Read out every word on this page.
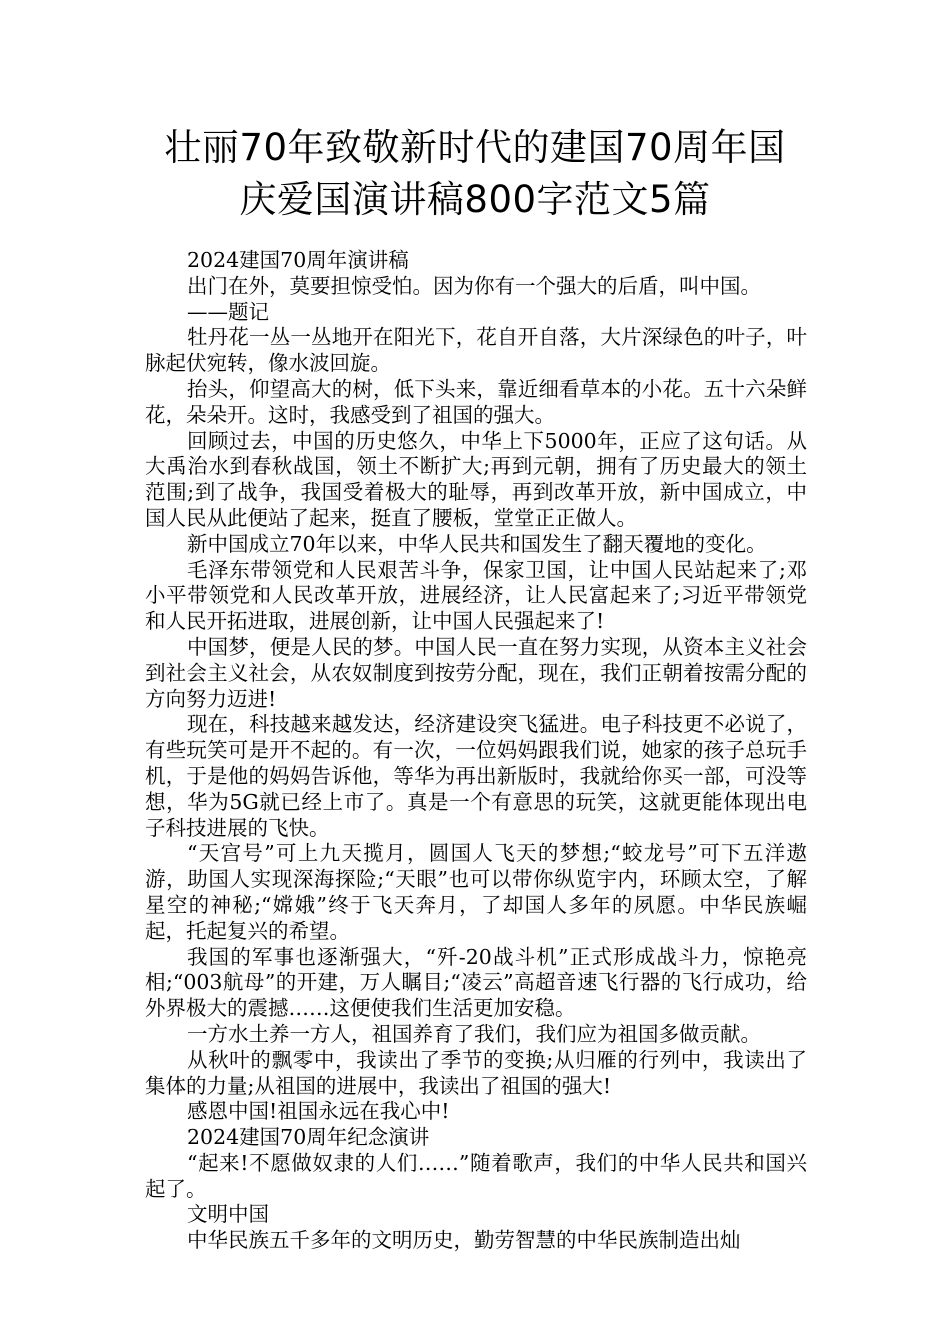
壮丽70年致敬新时代的建国70周年国
庆爱国演讲稿800字范文5篇

2024建国70周年演讲稿

出门在外，莫要担惊受怕。因为你有一个强大的后盾，叫中国。

——题记

牡丹花一丛一丛地开在阳光下，花自开自落，大片深绿色的叶子，叶脉起伏宛转，像水波回旋。

抬头，仰望高大的树，低下头来，靠近细看草本的小花。五十六朵鲜花，朵朵开。这时，我感受到了祖国的强大。

回顾过去，中国的历史悠久，中华上下5000年，正应了这句话。从大禹治水到春秋战国，领土不断扩大;再到元朝，拥有了历史最大的领土范围;到了战争，我国受着极大的耻辱，再到改革开放，新中国成立，中国人民从此便站了起来，挺直了腰板，堂堂正正做人。

新中国成立70年以来，中华人民共和国发生了翻天覆地的变化。

毛泽东带领党和人民艰苦斗争，保家卫国，让中国人民站起来了;邓小平带领党和人民改革开放，进展经济，让人民富起来了;习近平带领党和人民开拓进取，进展创新，让中国人民强起来了!

中国梦，便是人民的梦。中国人民一直在努力实现，从资本主义社会到社会主义社会，从农奴制度到按劳分配，现在，我们正朝着按需分配的方向努力迈进!

现在，科技越来越发达，经济建设突飞猛进。电子科技更不必说了，有些玩笑可是开不起的。有一次，一位妈妈跟我们说，她家的孩子总玩手机，于是他的妈妈告诉他，等华为再出新版时，我就给你买一部，可没等想，华为5G就已经上市了。真是一个有意思的玩笑，这就更能体现出电子科技进展的飞快。

“天宫号”可上九天揽月，圆国人飞天的梦想;“蛟龙号”可下五洋遨游，助国人实现深海探险;“天眼”也可以带你纵览宇内，环顾太空，了解星空的神秘;“嫦娥”终于飞天奔月，了却国人多年的夙愿。中华民族崛起，托起复兴的希望。

我国的军事也逐渐强大，“歼-20战斗机”正式形成战斗力，惊艳亮相;“003航母”的开建，万人瞩目;“凌云”高超音速飞行器的飞行成功，给外界极大的震撼……这便使我们生活更加安稳。

一方水土养一方人，祖国养育了我们，我们应为祖国多做贡献。

从秋叶的飘零中，我读出了季节的变换;从归雁的行列中，我读出了集体的力量;从祖国的进展中，我读出了祖国的强大!

感恩中国!祖国永远在我心中!

2024建国70周年纪念演讲

“起来!不愿做奴隶的人们……”随着歌声，我们的中华人民共和国兴起了。

文明中国

中华民族五千多年的文明历史，勤劳智慧的中华民族制造出灿
